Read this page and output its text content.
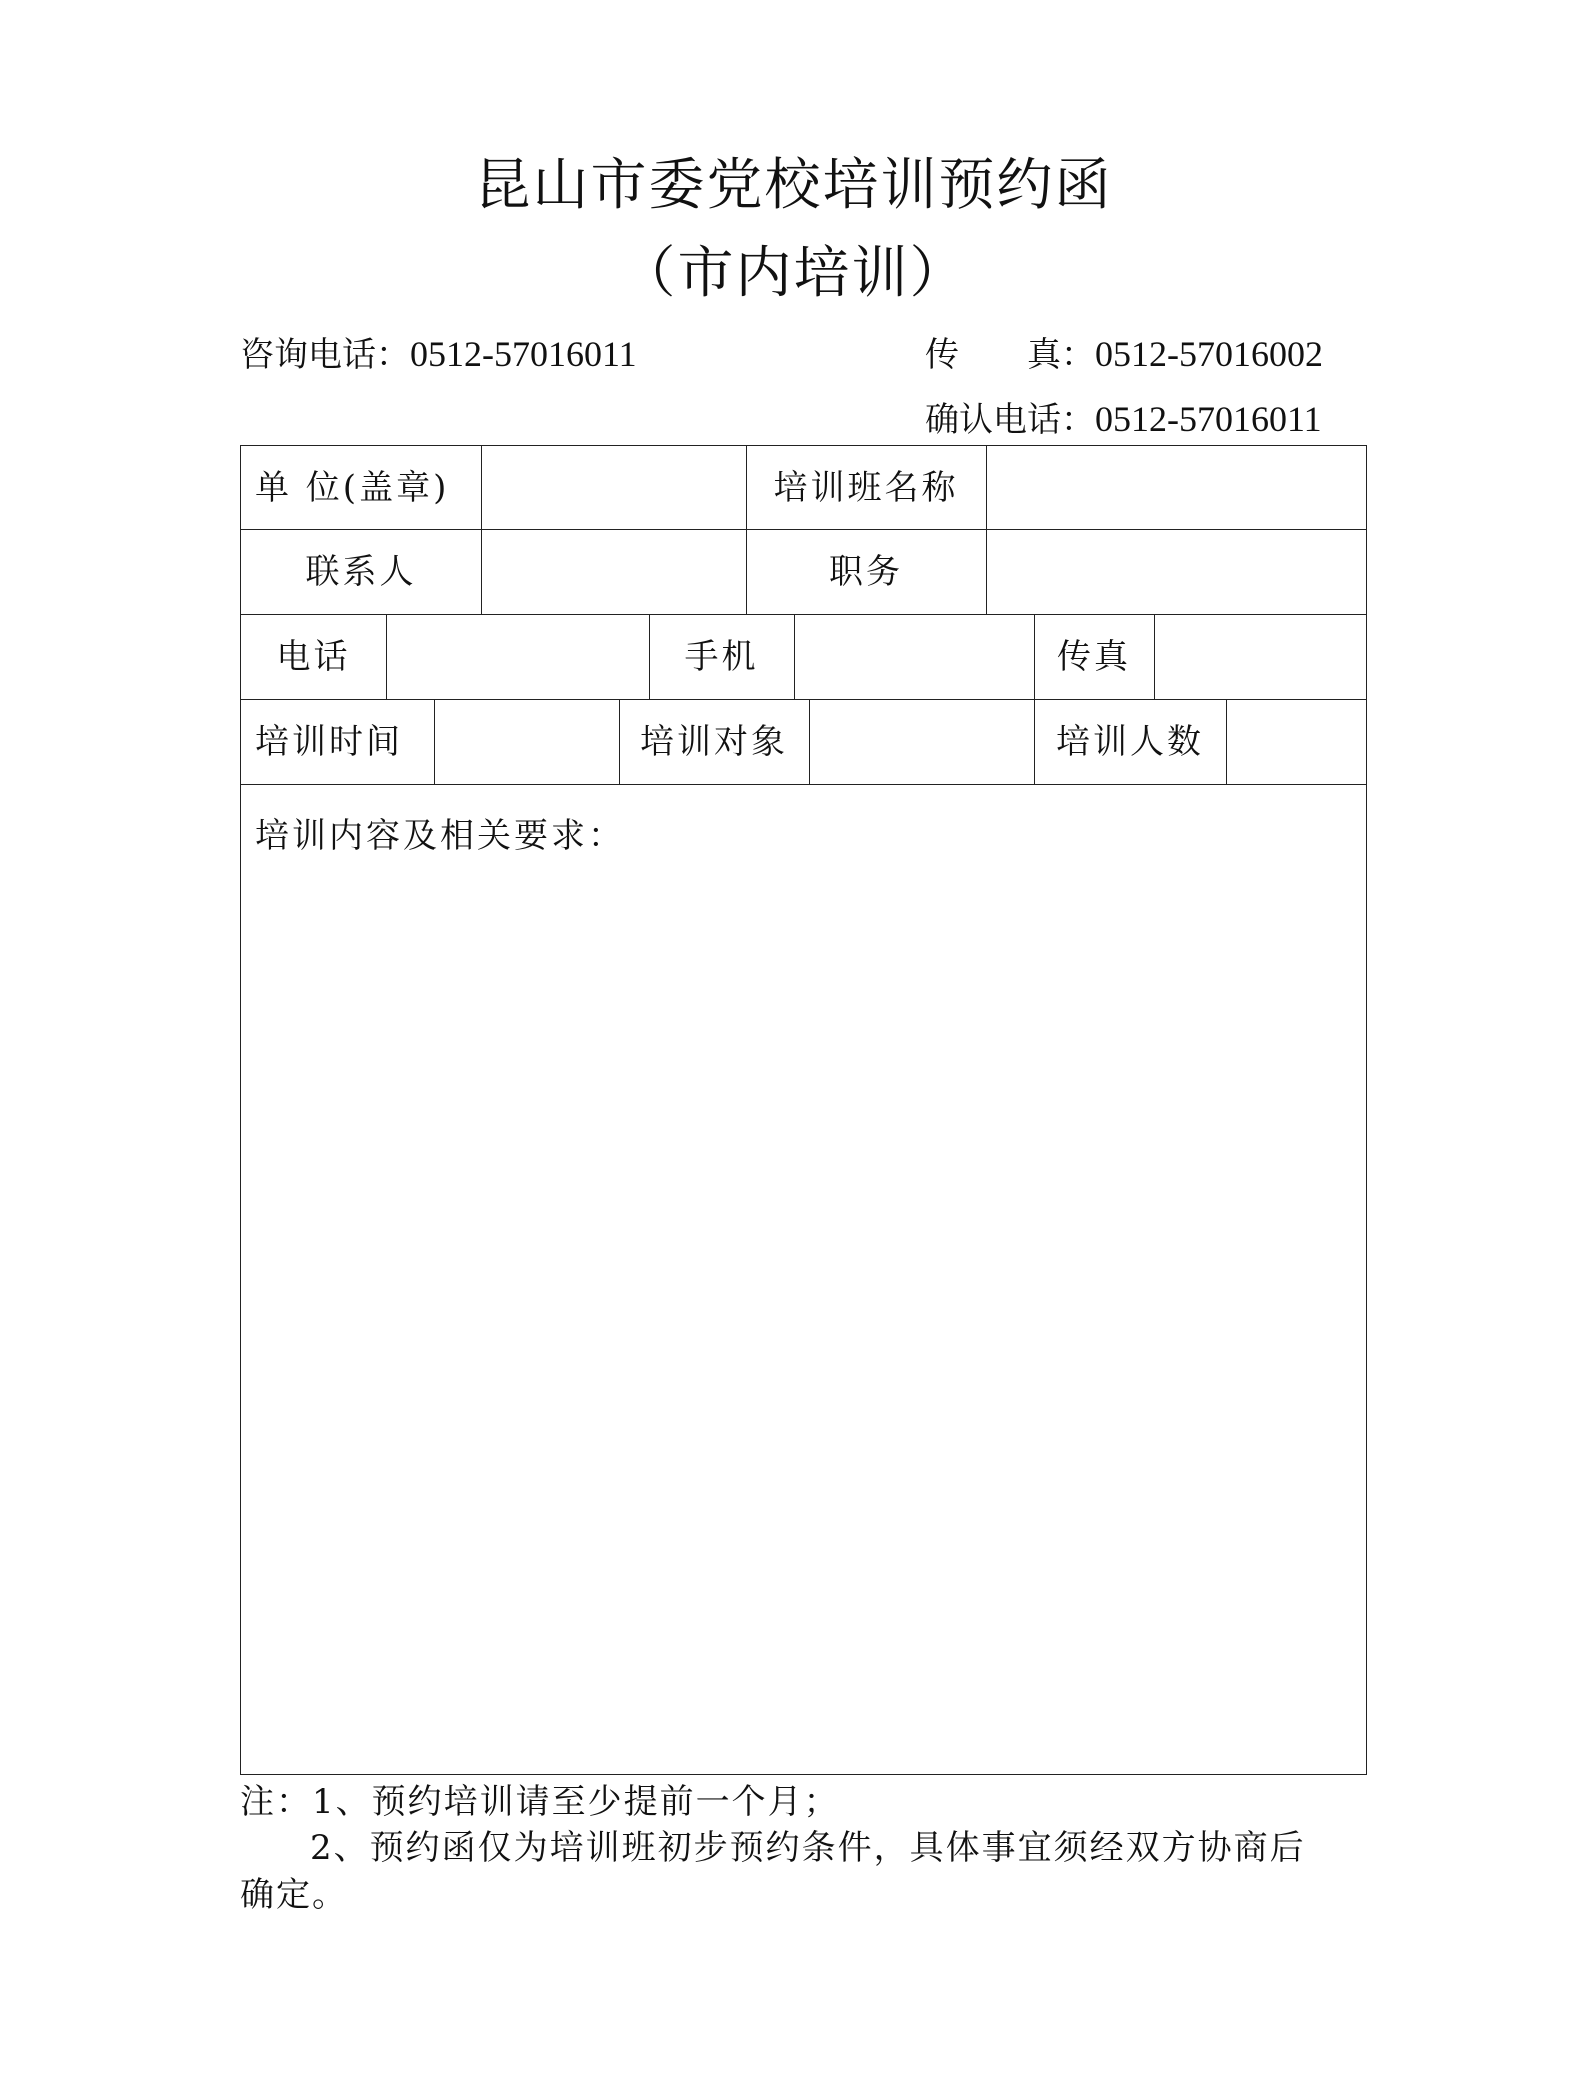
昆山市委党校培训预约函
（市内培训）
咨询电话：0512-57016011	传　　真：0512-57016002
确认电话：0512-57016011
单 位(盖章)	培训班名称
联系人	职务
电话	手机	传真
培训时间	培训对象	培训人数
培训内容及相关要求：
注：1、预约培训请至少提前一个月；
2、预约函仅为培训班初步预约条件，具体事宜须经双方协商后
确定。
